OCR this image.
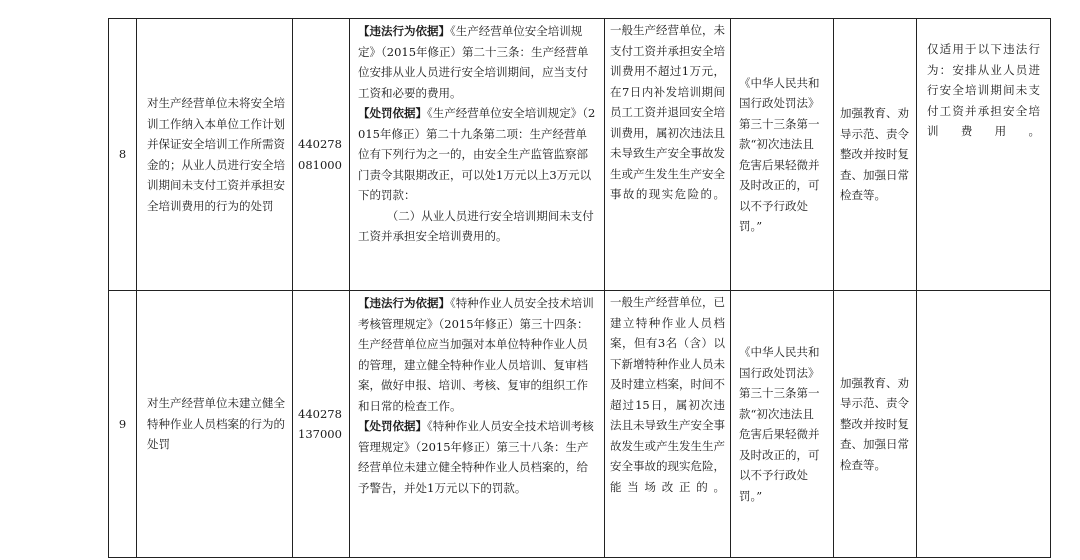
8	对生产经营单位未将安全培训工作纳入本单位工作计划并保证安全培训工作所需资金的；从业人员进行安全培训期间未支付工资并承担安全培训费用的行为的处罚	440278081000	【违法行为依据】《生产经营单位安全培训规定》（2015年修正）第二十三条：生产经营单位安排从业人员进行安全培训期间，应当支付工资和必要的费用。

【处罚依据】《生产经营单位安全培训规定》（2015年修正）第二十九条第二项：生产经营单位有下列行为之一的，由安全生产监管监察部门责令其限期改正，可以处1万元以上3万元以下的罚款：

（二）从业人员进行安全培训期间未支付工资并承担安全培训费用的。	一般生产经营单位，未支付工资并承担安全培训费用不超过1万元，在7日内补发培训期间员工工资并退回安全培训费用，属初次违法且未导致生产安全事故发生或产生发生生产安全事故的现实危险的。	《中华人民共和国行政处罚法》第三十三条第一款“初次违法且危害后果轻微并及时改正的，可以不予行政处罚。”	加强教育、劝导示范、责令整改并按时复查、加强日常检查等。	仅适用于以下违法行为：安排从业人员进行安全培训期间未支付工资并承担安全培训费用。
9	对生产经营单位未建立健全特种作业人员档案的行为的处罚	440278137000	【违法行为依据】《特种作业人员安全技术培训考核管理规定》（2015年修正）第三十四条：生产经营单位应当加强对本单位特种作业人员的管理，建立健全特种作业人员培训、复审档案，做好申报、培训、考核、复审的组织工作和日常的检查工作。

【处罚依据】《特种作业人员安全技术培训考核管理规定》（2015年修正）第三十八条：生产经营单位未建立健全特种作业人员档案的，给予警告，并处1万元以下的罚款。	一般生产经营单位，已建立特种作业人员档案，但有3名（含）以下新增特种作业人员未及时建立档案，时间不超过15日，属初次违法且未导致生产安全事故发生或产生发生生产安全事故的现实危险，能当场改正的。	《中华人民共和国行政处罚法》第三十三条第一款“初次违法且危害后果轻微并及时改正的，可以不予行政处罚。”	加强教育、劝导示范、责令整改并按时复查、加强日常检查等。	
